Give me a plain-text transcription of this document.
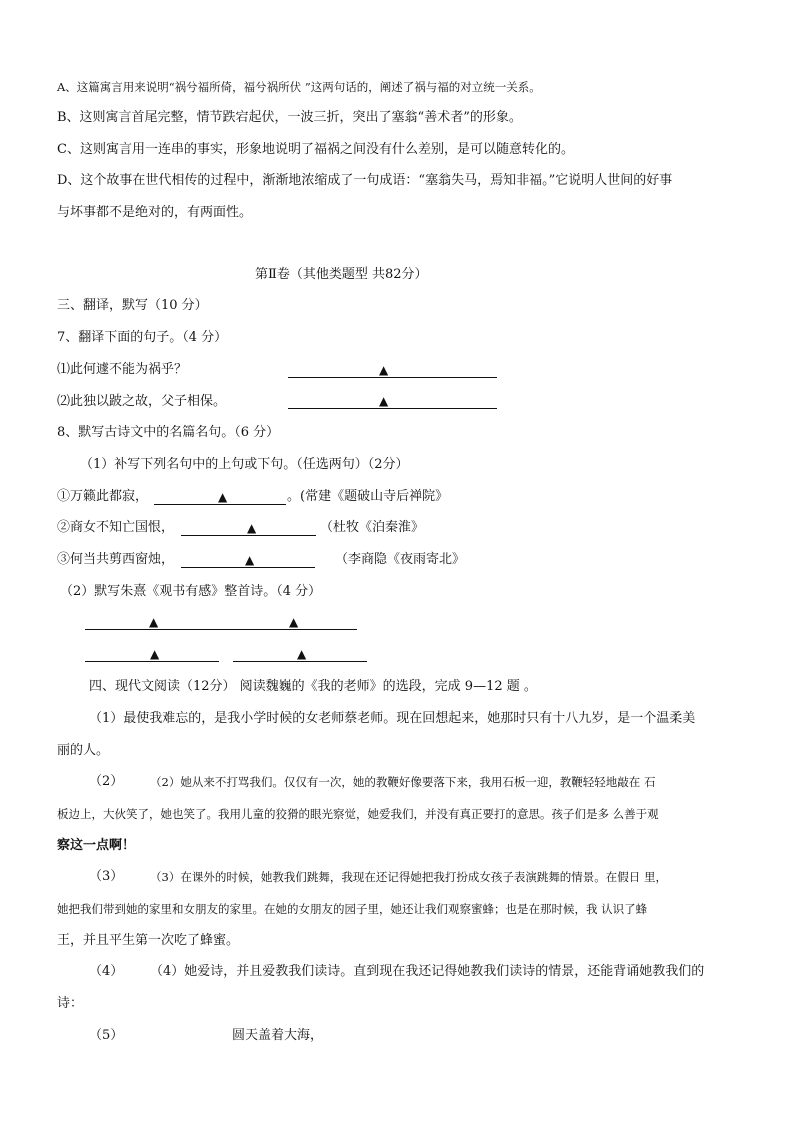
A、这篇寓言用来说明“祸兮福所倚，福兮祸所伏 ”这两句话的，阐述了祸与福的对立统一关系。
B、这则寓言首尾完整，情节跌宕起伏，一波三折，突出了塞翁“善术者”的形象。
C、这则寓言用一连串的事实，形象地说明了福祸之间没有什么差别，是可以随意转化的。
D、这个故事在世代相传的过程中，渐渐地浓缩成了一句成语：“塞翁失马，焉知非福。”它说明人世间的好事
与坏事都不是绝对的，有两面性。
第Ⅱ卷（其他类题型 共82分）
三、翻译，默写（10 分）
7、翻译下面的句子。（4 分）
⑴此何遽不能为祸乎？	▲
⑵此独以跛之故，父子相保。	▲
8、默写古诗文中的名篇名句。（6 分）
（1）补写下列名句中的上句或下句。（任选两句）（2分）
①万籁此都寂，	▲	。(常建《题破山寺后禅院》
②商女不知亡国恨，	▲	（杜牧《泊秦淮》
③何当共剪西窗烛，	▲	（李商隐《夜雨寄北》
（2）默写朱熹《观书有感》整首诗。（4 分）
▲	▲
▲	▲
四、现代文阅读（12分） 阅读魏巍的《我的老师》的选段，完成 9—12 题 。
（1）最使我难忘的，是我小学时候的女老师蔡老师。现在回想起来，她那时只有十八九岁，是一个温柔美
丽的人。
（2） （2）她从来不打骂我们。仅仅有一次，她的教鞭好像要落下来，我用石板一迎，教鞭轻轻地敲在 石
板边上，大伙笑了，她也笑了。我用儿童的狡猾的眼光察觉，她爱我们，并没有真正要打的意思。孩子们是多 么善于观
察这一点啊！
（3） （3）在课外的时候，她教我们跳舞，我现在还记得她把我打扮成女孩子表演跳舞的情景。在假日 里，
她把我们带到她的家里和女朋友的家里。在她的女朋友的园子里，她还让我们观察蜜蜂；也是在那时候，我 认识了蜂
王，并且平生第一次吃了蜂蜜。
（4） （4）她爱诗，并且爱教我们读诗。直到现在我还记得她教我们读诗的情景，还能背诵她教我们的
诗：
（5）	圆天盖着大海，
